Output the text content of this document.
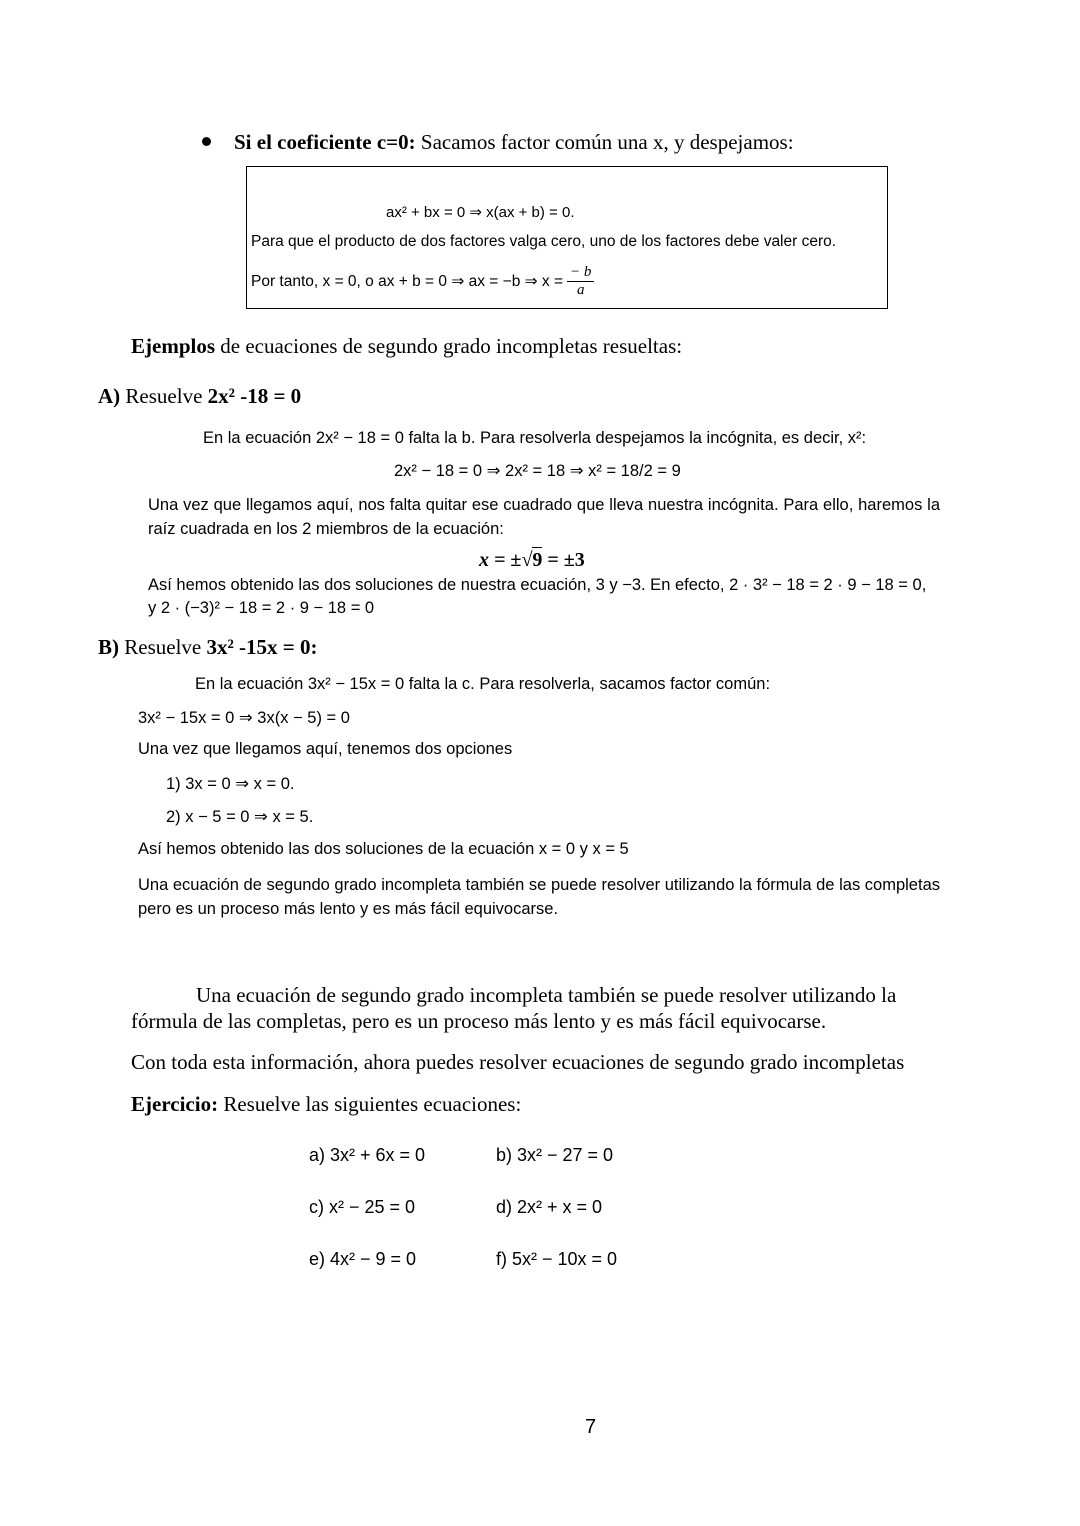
Si el coeficiente c=0: Sacamos factor común una x, y despejamos:
ax² + bx = 0 ⇒ x(ax + b) = 0.
Para que el producto de dos factores valga cero, uno de los factores debe valer cero.
Por tanto, x = 0, o ax + b = 0 ⇒ ax = −b ⇒ $x = \frac{- b}{a}$
Ejemplos de ecuaciones de segundo grado incompletas resueltas:
A) Resuelve 2x² -18 = 0
En la ecuación 2x² − 18 = 0 falta la b. Para resolverla despejamos la incógnita, es decir, x²:
2x² − 18 = 0 ⇒ 2x² = 18 ⇒ x² = 18/2 = 9
Una vez que llegamos aquí, nos falta quitar ese cuadrado que lleva nuestra incógnita. Para ello, haremos la raíz cuadrada en los 2 miembros de la ecuación:
x = ±√9 = ±3
Así hemos obtenido las dos soluciones de nuestra ecuación, 3 y −3. En efecto, 2 · 3² − 18 = 2 · 9 − 18 = 0,
y 2 · (−3)² − 18 = 2 · 9 − 18 = 0
B) Resuelve 3x² -15x = 0:
En la ecuación 3x² − 15x = 0 falta la c. Para resolverla, sacamos factor común:
3x² − 15x = 0 ⇒ 3x(x − 5) = 0
Una vez que llegamos aquí, tenemos dos opciones
1) 3x = 0 ⇒ x = 0.
2) x − 5 = 0 ⇒ x = 5.
Así hemos obtenido las dos soluciones de la ecuación x = 0 y x = 5
Una ecuación de segundo grado incompleta también se puede resolver utilizando la fórmula de las completas pero es un proceso más lento y es más fácil equivocarse.
Una ecuación de segundo grado incompleta también se puede resolver utilizando la fórmula de las completas, pero es un proceso más lento y es más fácil equivocarse.
Con toda esta información, ahora puedes resolver ecuaciones de segundo grado incompletas
Ejercicio: Resuelve las siguientes ecuaciones:
a) 3x² + 6x = 0	b) 3x² − 27 = 0
c) x² − 25 = 0	d) 2x² + x = 0
e) 4x² − 9 = 0	f) 5x² − 10x = 0
7
